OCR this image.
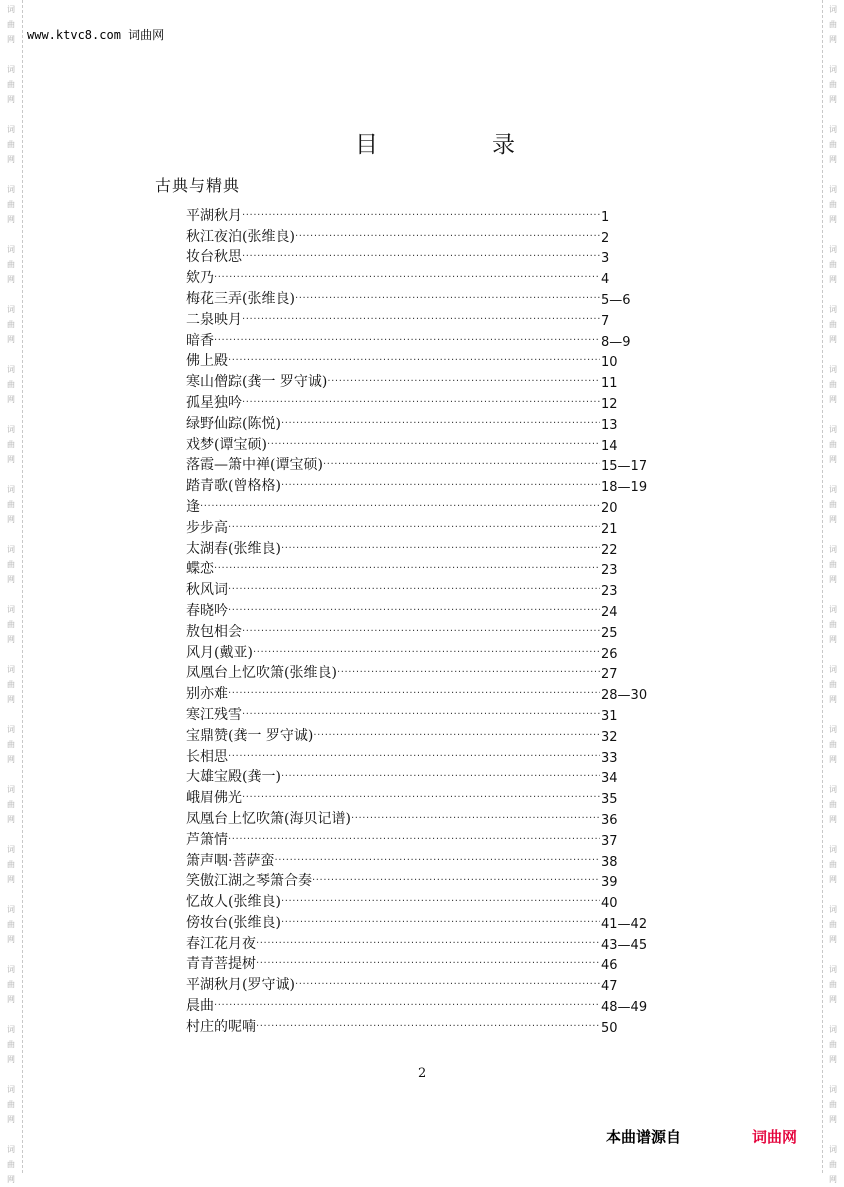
词
曲
网
词
曲
网
词
曲
网
词
曲
网
词
曲
网
词
曲
网
词
曲
网
词
曲
网
词
曲
网
词
曲
网
词
曲
网
词
曲
网
词
曲
网
词
曲
网
词
曲
网
词
曲
网
词
曲
网
词
曲
网
词
曲
网
词
曲
网
词
曲
网
词
曲
网
词
曲
网
词
曲
网
词
曲
网
词
曲
网
词
曲
网
词
曲
网
词
曲
网
词
曲
网
词
曲
网
词
曲
网
词
曲
网
词
曲
网
词
曲
网
词
曲
网
词
曲
网
词
曲
网
词
曲
网
词
曲
网
www.ktvc8.com 词曲网
目	录
古典与精典
平湖秋月 ·····	1
秋江夜泊(张维良) ·····	2
妆台秋思 ·····	3
欸乃 ·····	4
梅花三弄(张维良) ·····	5—6
二泉映月 ·····	7
暗香 ·····	8—9
佛上殿 ·····	10
寒山僧踪(龚一 罗守诚) ·····	11
孤星独吟 ·····	12
绿野仙踪(陈悦) ·····	13
戏梦(谭宝硕) ·····	14
落霞—箫中禅(谭宝硕) ·····	15—17
踏青歌(曾格格) ·····	18—19
逢 ·····	20
步步高 ·····	21
太湖春(张维良) ·····	22
蝶恋 ·····	23
秋风词 ·····	23
春晓吟 ·····	24
敖包相会 ·····	25
风月(戴亚) ·····	26
凤凰台上忆吹箫(张维良) ·····	27
别亦难 ·····	28—30
寒江残雪 ·····	31
宝鼎赞(龚一 罗守诚) ·····	32
长相思 ·····	33
大雄宝殿(龚一) ·····	34
峨眉佛光 ·····	35
凤凰台上忆吹箫(海贝记谱) ·····	36
芦箫情 ·····	37
箫声咽·菩萨蛮 ·····	38
笑傲江湖之琴箫合奏 ·····	39
忆故人(张维良) ·····	40
傍妆台(张维良) ·····	41—42
春江花月夜 ·····	43—45
青青菩提树 ·····	46
平湖秋月(罗守诚) ·····	47
晨曲 ·····	48—49
村庄的呢喃 ·····	50
2
本曲谱源自	词曲网
